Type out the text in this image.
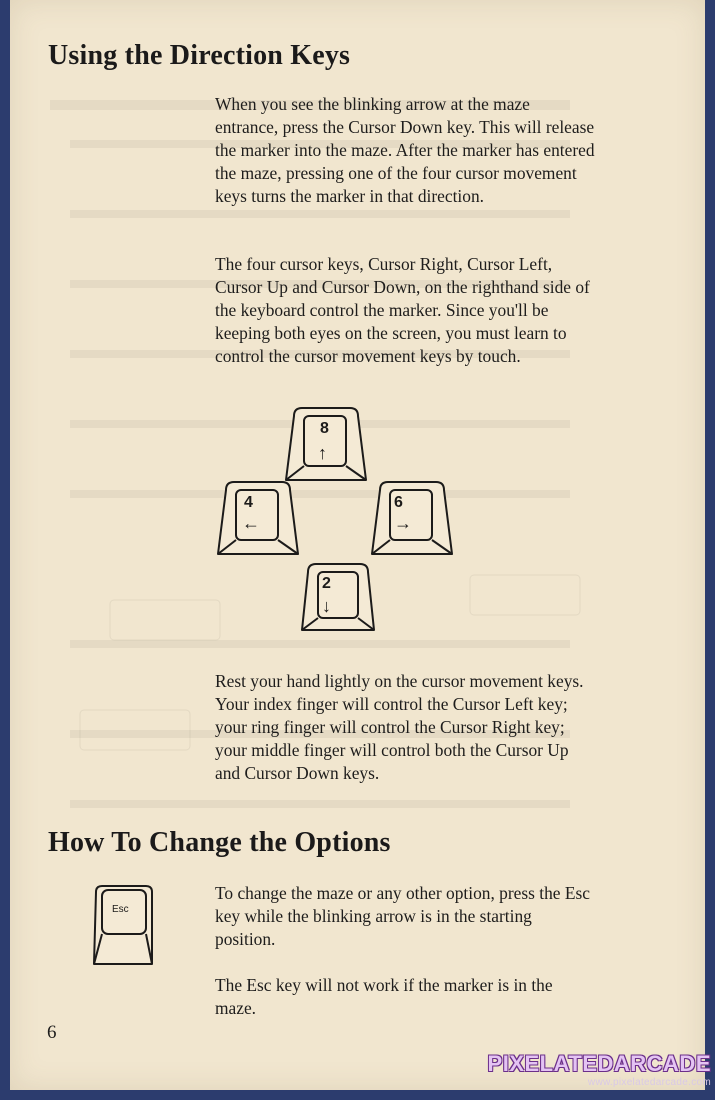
Using the Direction Keys
When you see the blinking arrow at the maze entrance, press the Cursor Down key. This will release the marker into the maze. After the marker has entered the maze, pressing one of the four cursor movement keys turns the marker in that direction.
The four cursor keys, Cursor Right, Cursor Left, Cursor Up and Cursor Down, on the righthand side of the keyboard control the marker. Since you'll be keeping both eyes on the screen, you must learn to control the cursor movement keys by touch.
8
↑
4
←
6
→
2
↓
Rest your hand lightly on the cursor movement keys. Your index finger will control the Cursor Left key; your ring finger will control the Cursor Right key; your middle finger will control both the Cursor Up and Cursor Down keys.
How To Change the Options
Esc
To change the maze or any other option, press the Esc key while the blinking arrow is in the starting position.
The Esc key will not work if the marker is in the maze.
6
PIXELATEDARCADE
www.pixelatedarcade.com
